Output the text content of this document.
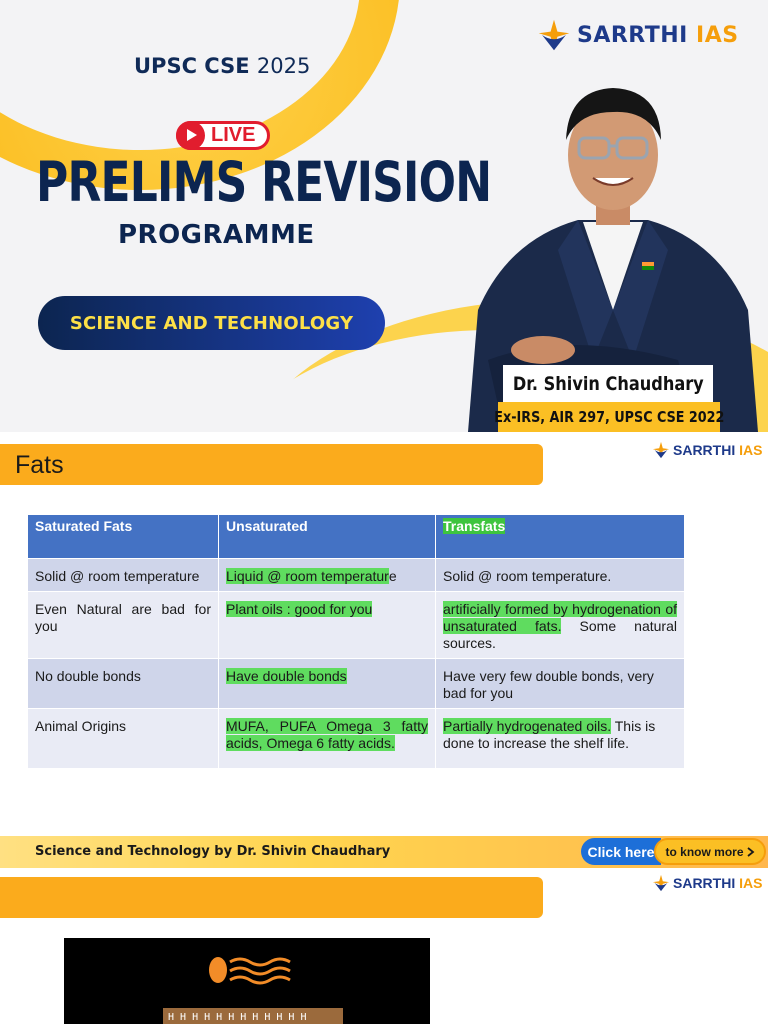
SARRTHI IAS
UPSC CSE 2025
LIVE
PRELIMS REVISION
PROGRAMME
SCIENCE AND TECHNOLOGY
Dr. Shivin Chaudhary
Ex-IRS, AIR 297, UPSC CSE 2022
Fats
SARRTHI IAS
Saturated Fats	Unsaturated	Transfats
Solid @ room temperature	Liquid @ room temperature	Solid @ room temperature.
Even Natural are bad for you	Plant oils : good for you	artificially formed by hydrogenation of unsaturated fats. Some natural sources.
No double bonds	Have double bonds	Have very few double bonds, very bad for you
Animal Origins	MUFA, PUFA Omega 3 fatty acids, Omega 6 fatty acids.	Partially hydrogenated oils. This is done to increase the shelf life.
Science and Technology by Dr. Shivin Chaudhary	Click here to know more
SARRTHI IAS
H H H H H H H H H H H H
